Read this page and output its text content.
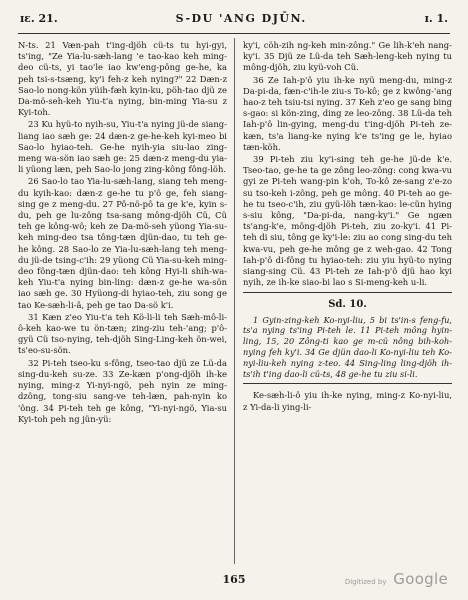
ɪɛ. 21.	S-DU 'ANG DJŪN.	ɪ. 1.

N-ts. 21 Væn-pah t'ing-djöh cü-ts tu hyi-gyi, ts'ing, "Ze Yia-lu-sæh-lang 'e tao-kao keh ming-deo cü-ts, yi tao'le iao kw'eng-pông ge-he, ka peh tsi-s-tsæng, ky'i feh-z keh nying?" 22 Dæn-z Sao-lo nong-kön yüih-fæh kyin-ku, pöh-tao djü ze Da-mö-seh-keh Yiu-t'a nying, bin-ming Yia-su z Kyi-toh.

23 Ku hyü-to nyih-su, Yiu-t'a nying jü-de siang-liang iao sæh ge: 24 dæn-z ge-he-keh kyi-meo bi Sao-lo hyiao-teh. Ge-he nyih-yia siu-lao zing-meng wa-sön iao sæh ge: 25 dæn-z meng-du yia-li yüong læn, peh Sao-lo jong zing-kông fông-löh.

26 Sao-lo tao Yia-lu-sæh-lang, siang teh meng-du kyih-kao: dæn-z ge-he tu p'ô ge, feh siang-sing ge z meng-du. 27 Pô-nö-pô ta ge k'e, kyin s-du, peh ge lu-zông tsa-sang mông-djöh Cü, Cü teh ge kông-wô; keh ze Da-mö-seh yüong Yia-su-keh ming-deo tsa tông-tæn djün-dao, tu teh ge-he kông. 28 Sao-lo ze Yia-lu-sæh-lang teh meng-du jü-de tsing-c'ih: 29 yüong Cü Yia-su-keh ming-deo fông-tæn djün-dao: teh kông Hyi-li shih-wa-keh Yiu-t'a nying bin-ling: dæn-z ge-he wa-sön iao sæh ge. 30 Hyüong-di hyiao-teh, ziu song ge tao Ke-sæh-li-â, peh ge tao Da-sö k'i.

31 Kæn z'eo Yiu-t'a teh Kö-li-li teh Sæh-mô-li-ô-keh kao-we tu ön-tæn; zing-ziu teh-'ang; p'ô-gyü Cü tso-nying, teh-djöh Sing-Ling-keh ön-wei, ts'eo-su-sön.

32 Pi-teh tseo-ku s-fông, tseo-tao djü ze Lü-da sing-du-keh su-ze. 33 Ze-kæn p'ong-djöh ih-ke nying, ming-z Yi-nyi-ngö, peh nyin ze ming-dzông, tong-siu sang-ve teh-læn, pah-nyin ko 'ông. 34 Pi-teh teh ge kông, "Yi-nyi-ngö, Yia-su Kyi-toh peh ng jün-yü:

ky'i, cöh-zih ng-keh min-zông." Ge lih-k'eh nang-ky'i. 35 Djü ze Lü-da teh Sæh-leng-keh nying tu mông-djöh, ziu kyü-voh Cü.

36 Ze Iah-p'ô yiu ih-ke nyü meng-du, ming-z Da-pi-da, fæn-c'ih-le ziu-s To-kô; ge z kwông-'ang hao-z teh tsiu-tsi nying. 37 Keh z'eo ge sang bing s-gao: si kön-zing, ding ze leo-zông. 38 Lü-da teh Iah-p'ô lin-gying, meng-du t'ing-djöh Pi-teh ze-kæn, ts'a liang-ke nying k'e ts'ing ge le, hyiao tæn-köh.

39 Pi-teh ziu ky'i-sing teh ge-he jü-de k'e. Tseo-tao, ge-he ta ge zông leo-zông: cong kwa-vu gyi ze Pi-teh wang-pin k'oh, To-kô ze-sang z'e-zo su tso-keh i-zông, peh ge mông. 40 Pi-teh ao ge-he tu tseo-c'ih, ziu gyü-löh tæn-kao: le-cün hying s-siu kông, "Da-pi-da, nang-ky'i." Ge ngæn ts'ang-k'e, mông-djöh Pi-teh, ziu zo-ky'i. 41 Pi-teh di siu, tông ge ky'i-le: ziu ao cong sing-du teh kwa-vu, peh ge-he mông ge z weh-gao. 42 Tong Iah-p'ô di-fông tu hyiao-teh: ziu yiu hyü-to nying siang-sing Cü. 43 Pi-teh ze Iah-p'ô djü hao kyi nyih, ze ih-ke siao-bi lao s Si-meng-keh u-li.

Sd. 10.

1 Gyin-zing-keh Ko-nyi-liu, 5 bi ts'in-s feng-fu, ts'a nying ts'ing Pi-teh le. 11 Pi-teh mông hyin-ling, 15, 20 Zông-ti kao ge m-cü nông bih-koh-nying feh ky'i. 34 Ge djün dao-li Ko-nyi-liu teh Ko-nyi-liu-keh nying z-teo. 44 Sing-ling ling-djöh ih-ts'ih t'ing dao-li cü-ts, 48 ge-he tu ziu si-li.

Ke-sæh-li-ô yiu ih-ke nying, ming-z Ko-nyi-liu, z Yi-da-li ying-li-

165	Digitized by Google
